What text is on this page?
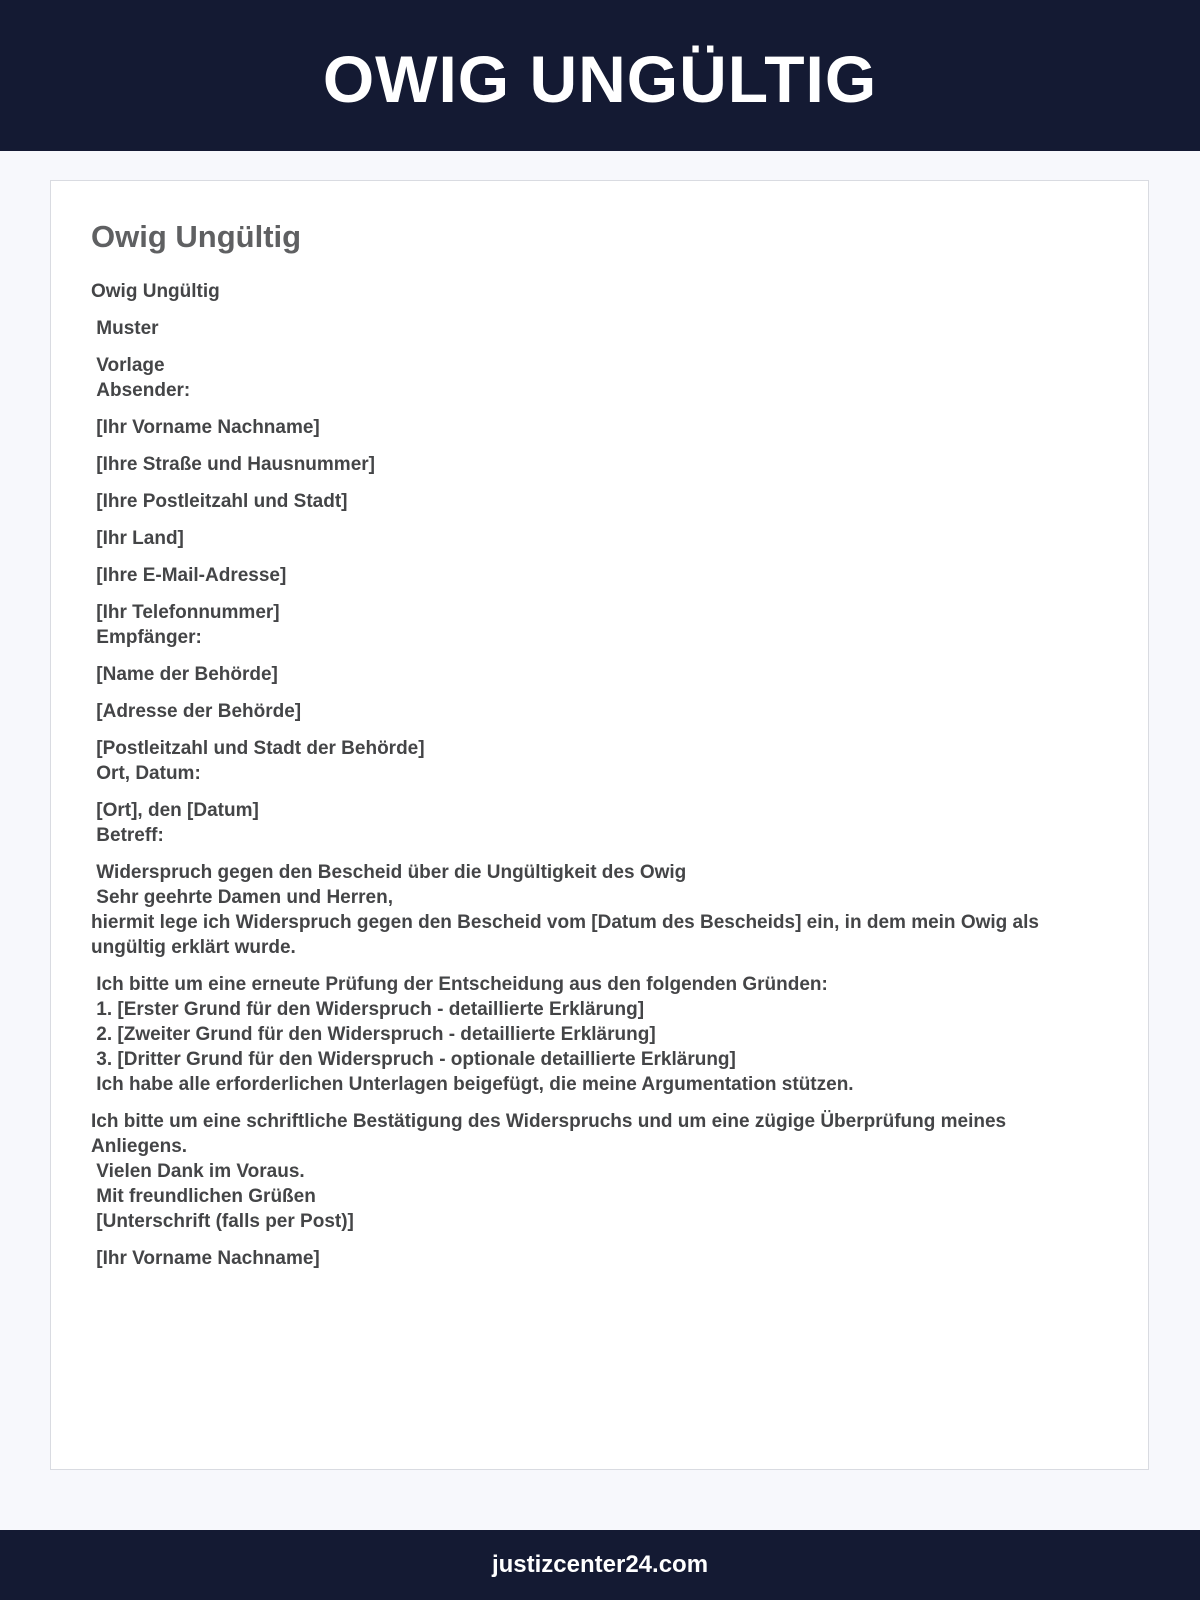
OWIG UNGÜLTIG
Owig Ungültig
Owig Ungültig
Muster
Vorlage
Absender:
[Ihr Vorname Nachname]
[Ihre Straße und Hausnummer]
[Ihre Postleitzahl und Stadt]
[Ihr Land]
[Ihre E-Mail-Adresse]
[Ihr Telefonnummer]
Empfänger:
[Name der Behörde]
[Adresse der Behörde]
[Postleitzahl und Stadt der Behörde]
Ort, Datum:
[Ort], den [Datum]
Betreff:
Widerspruch gegen den Bescheid über die Ungültigkeit des Owig
Sehr geehrte Damen und Herren,
hiermit lege ich Widerspruch gegen den Bescheid vom [Datum des Bescheids] ein, in dem mein Owig als ungültig erklärt wurde.
Ich bitte um eine erneute Prüfung der Entscheidung aus den folgenden Gründen:
1. [Erster Grund für den Widerspruch - detaillierte Erklärung]
2. [Zweiter Grund für den Widerspruch - detaillierte Erklärung]
3. [Dritter Grund für den Widerspruch - optionale detaillierte Erklärung]
Ich habe alle erforderlichen Unterlagen beigefügt, die meine Argumentation stützen.
Ich bitte um eine schriftliche Bestätigung des Widerspruchs und um eine zügige Überprüfung meines Anliegens.
Vielen Dank im Voraus.
Mit freundlichen Grüßen
[Unterschrift (falls per Post)]
[Ihr Vorname Nachname]
justizcenter24.com
